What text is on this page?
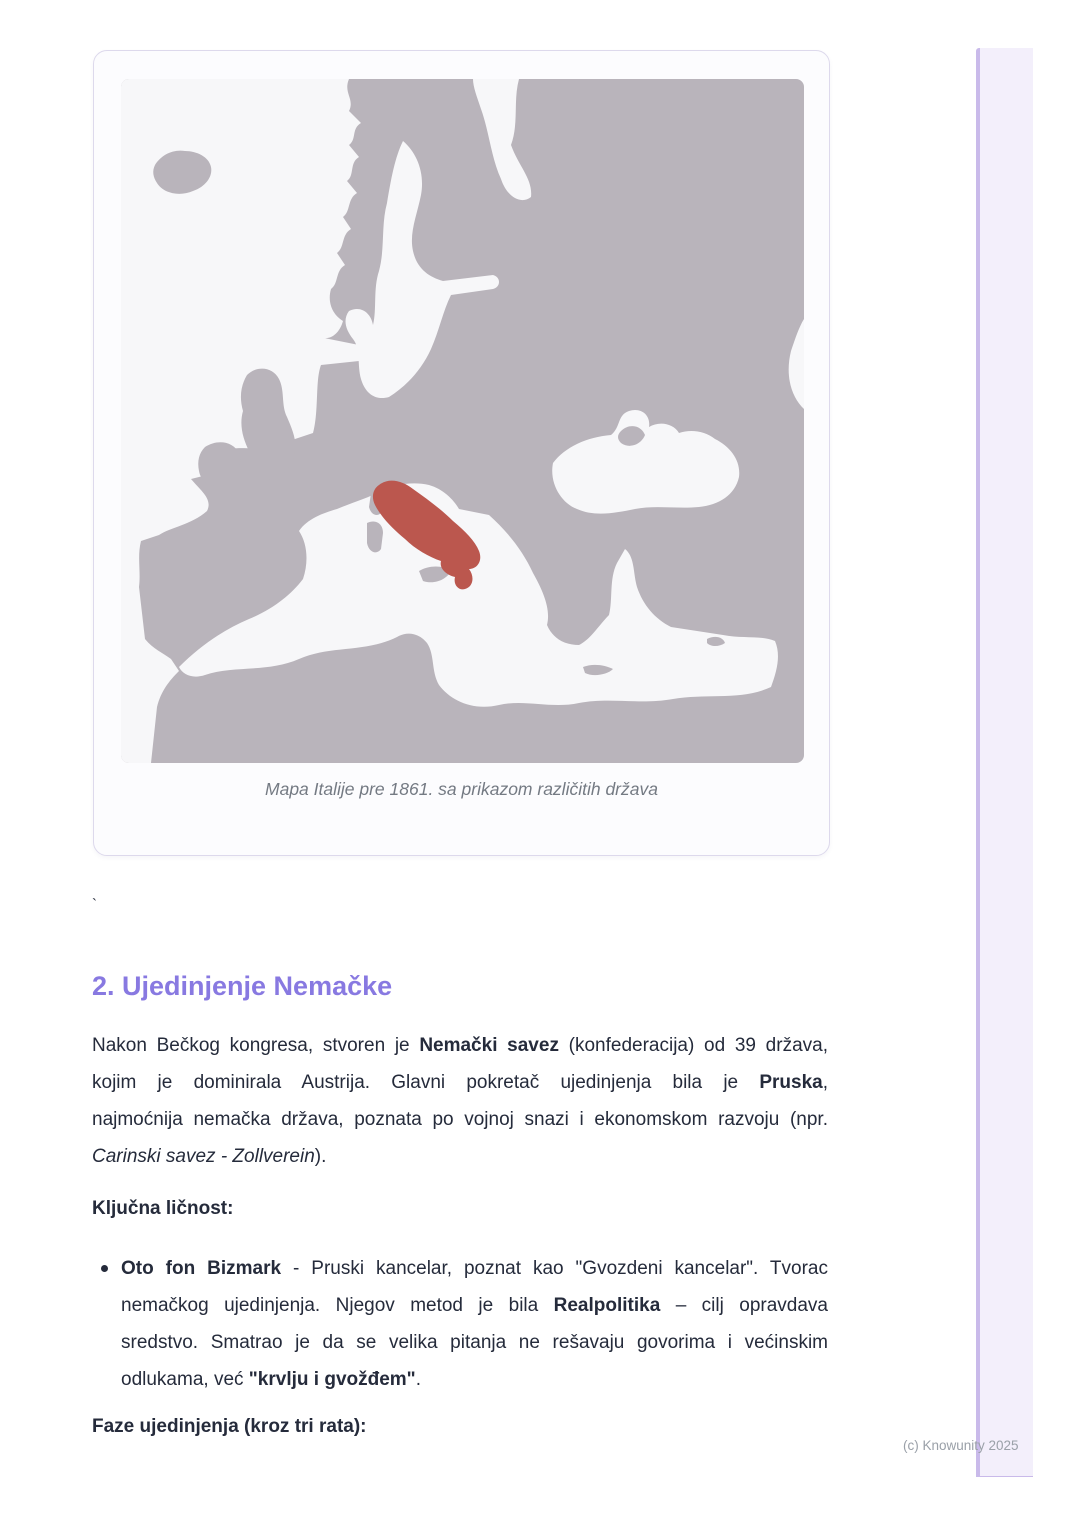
Mapa Italije pre 1861. sa prikazom različitih država
`
2. Ujedinjenje Nemačke
Nakon Bečkog kongresa, stvoren je Nemački savez (konfederacija) od 39 država,
kojim je dominirala Austrija. Glavni pokretač ujedinjenja bila je Pruska,
najmoćnija nemačka država, poznata po vojnoj snazi i ekonomskom razvoju (npr.
Carinski savez - Zollverein).
Ključna ličnost:
Oto fon Bizmark - Pruski kancelar, poznat kao "Gvozdeni kancelar". Tvorac
nemačkog ujedinjenja. Njegov metod je bila Realpolitika – cilj opravdava
sredstvo. Smatrao je da se velika pitanja ne rešavaju govorima i većinskim
odlukama, već "krvlju i gvožđem".
Faze ujedinjenja (kroz tri rata):
(c) Knowunity 2025
